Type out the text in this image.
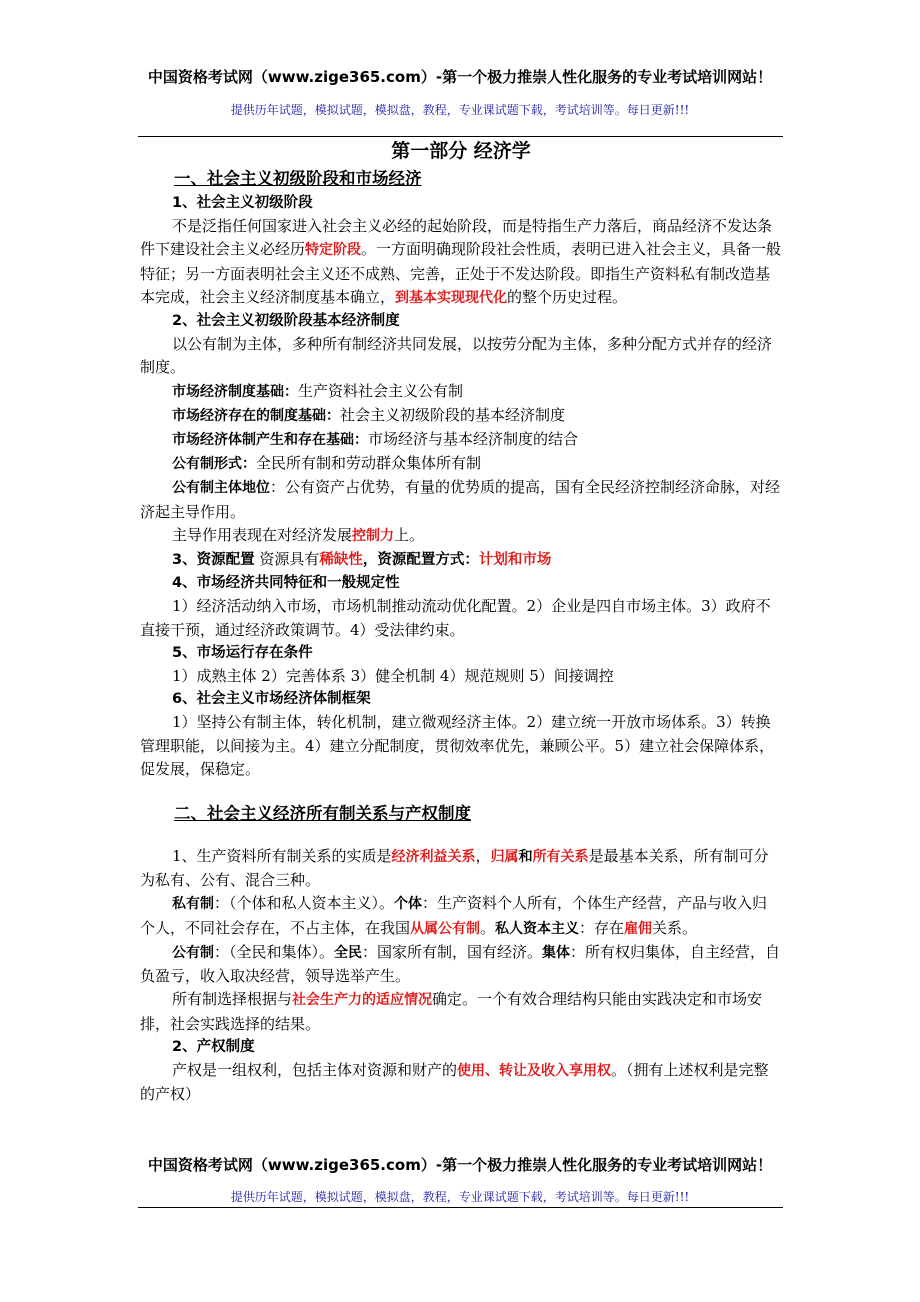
中国资格考试网（www.zige365.com）-第一个极力推崇人性化服务的专业考试培训网站！
提供历年试题，模拟试题，模拟盘，教程，专业课试题下载，考试培训等。每日更新!!!

第一部分 经济学

一、社会主义初级阶段和市场经济

1、社会主义初级阶段

不是泛指任何国家进入社会主义必经的起始阶段，而是特指生产力落后，商品经济不发达条件下建设社会主义必经历特定阶段。一方面明确现阶段社会性质，表明已进入社会主义，具备一般特征；另一方面表明社会主义还不成熟、完善，正处于不发达阶段。即指生产资料私有制改造基本完成，社会主义经济制度基本确立，到基本实现现代化的整个历史过程。

2、社会主义初级阶段基本经济制度

以公有制为主体，多种所有制经济共同发展，以按劳分配为主体，多种分配方式并存的经济制度。

市场经济制度基础：生产资料社会主义公有制

市场经济存在的制度基础：社会主义初级阶段的基本经济制度

市场经济体制产生和存在基础：市场经济与基本经济制度的结合

公有制形式：全民所有制和劳动群众集体所有制

公有制主体地位：公有资产占优势，有量的优势质的提高，国有全民经济控制经济命脉，对经济起主导作用。

主导作用表现在对经济发展控制力上。

3、资源配置 资源具有稀缺性，资源配置方式：计划和市场

4、市场经济共同特征和一般规定性

1）经济活动纳入市场，市场机制推动流动优化配置。2）企业是四自市场主体。3）政府不直接干预，通过经济政策调节。4）受法律约束。

5、市场运行存在条件

1）成熟主体 2）完善体系 3）健全机制 4）规范规则 5）间接调控

6、社会主义市场经济体制框架

1）坚持公有制主体，转化机制，建立微观经济主体。2）建立统一开放市场体系。3）转换管理职能，以间接为主。4）建立分配制度，贯彻效率优先，兼顾公平。5）建立社会保障体系，促发展，保稳定。

二、社会主义经济所有制关系与产权制度

1、生产资料所有制关系的实质是经济利益关系，归属和所有关系是最基本关系，所有制可分为私有、公有、混合三种。

私有制：（个体和私人资本主义）。个体：生产资料个人所有，个体生产经营，产品与收入归个人，不同社会存在，不占主体，在我国从属公有制。私人资本主义：存在雇佣关系。

公有制：（全民和集体）。全民：国家所有制，国有经济。集体：所有权归集体，自主经营，自负盈亏，收入取决经营，领导选举产生。

所有制选择根据与社会生产力的适应情况确定。一个有效合理结构只能由实践决定和市场安排，社会实践选择的结果。

2、产权制度

产权是一组权利，包括主体对资源和财产的使用、转让及收入享用权。（拥有上述权利是完整的产权）

中国资格考试网（www.zige365.com）-第一个极力推崇人性化服务的专业考试培训网站！
提供历年试题，模拟试题，模拟盘，教程，专业课试题下载，考试培训等。每日更新!!!
